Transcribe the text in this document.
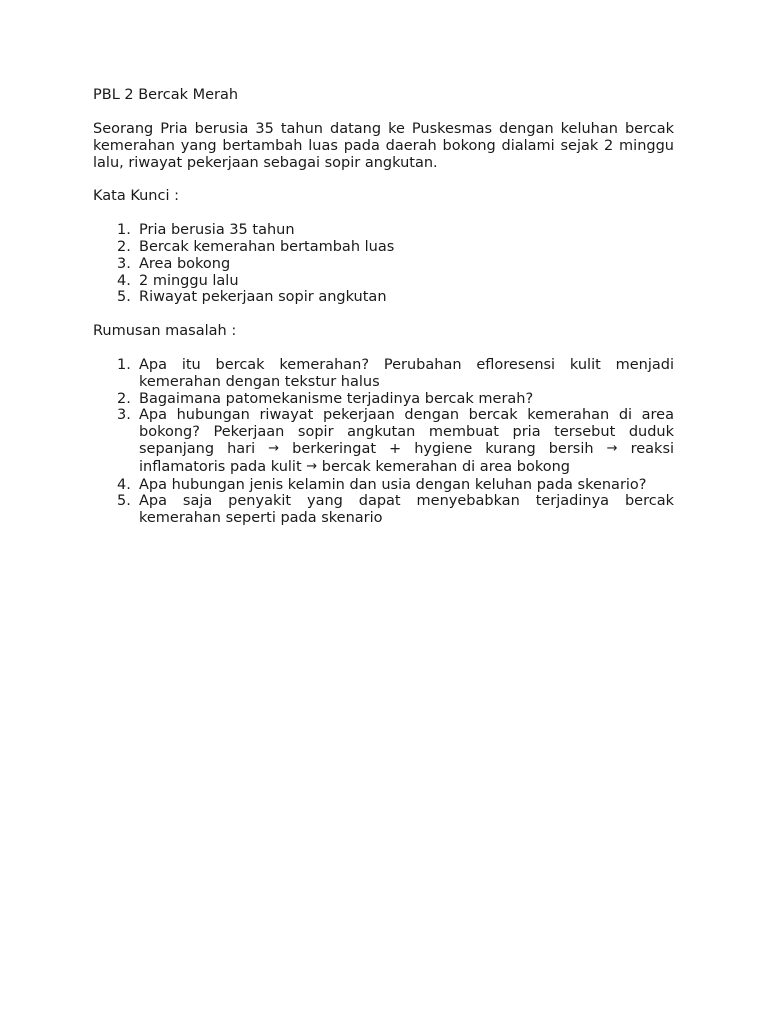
PBL 2 Bercak Merah

Seorang Pria berusia 35 tahun datang ke Puskesmas dengan keluhan bercak kemerahan yang bertambah luas pada daerah bokong dialami sejak 2 minggu lalu, riwayat pekerjaan sebagai sopir angkutan.

Kata Kunci :

1. Pria berusia 35 tahun
2. Bercak kemerahan bertambah luas
3. Area bokong
4. 2 minggu lalu
5. Riwayat pekerjaan sopir angkutan

Rumusan masalah :

1. Apa itu bercak kemerahan? Perubahan efloresensi kulit menjadi kemerahan dengan tekstur halus
2. Bagaimana patomekanisme terjadinya bercak merah?
3. Apa hubungan riwayat pekerjaan dengan bercak kemerahan di area bokong? Pekerjaan sopir angkutan membuat pria tersebut duduk sepanjang hari → berkeringat + hygiene kurang bersih → reaksi inflamatoris pada kulit → bercak kemerahan di area bokong
4. Apa hubungan jenis kelamin dan usia dengan keluhan pada skenario?
5. Apa saja penyakit yang dapat menyebabkan terjadinya bercak kemerahan seperti pada skenario
